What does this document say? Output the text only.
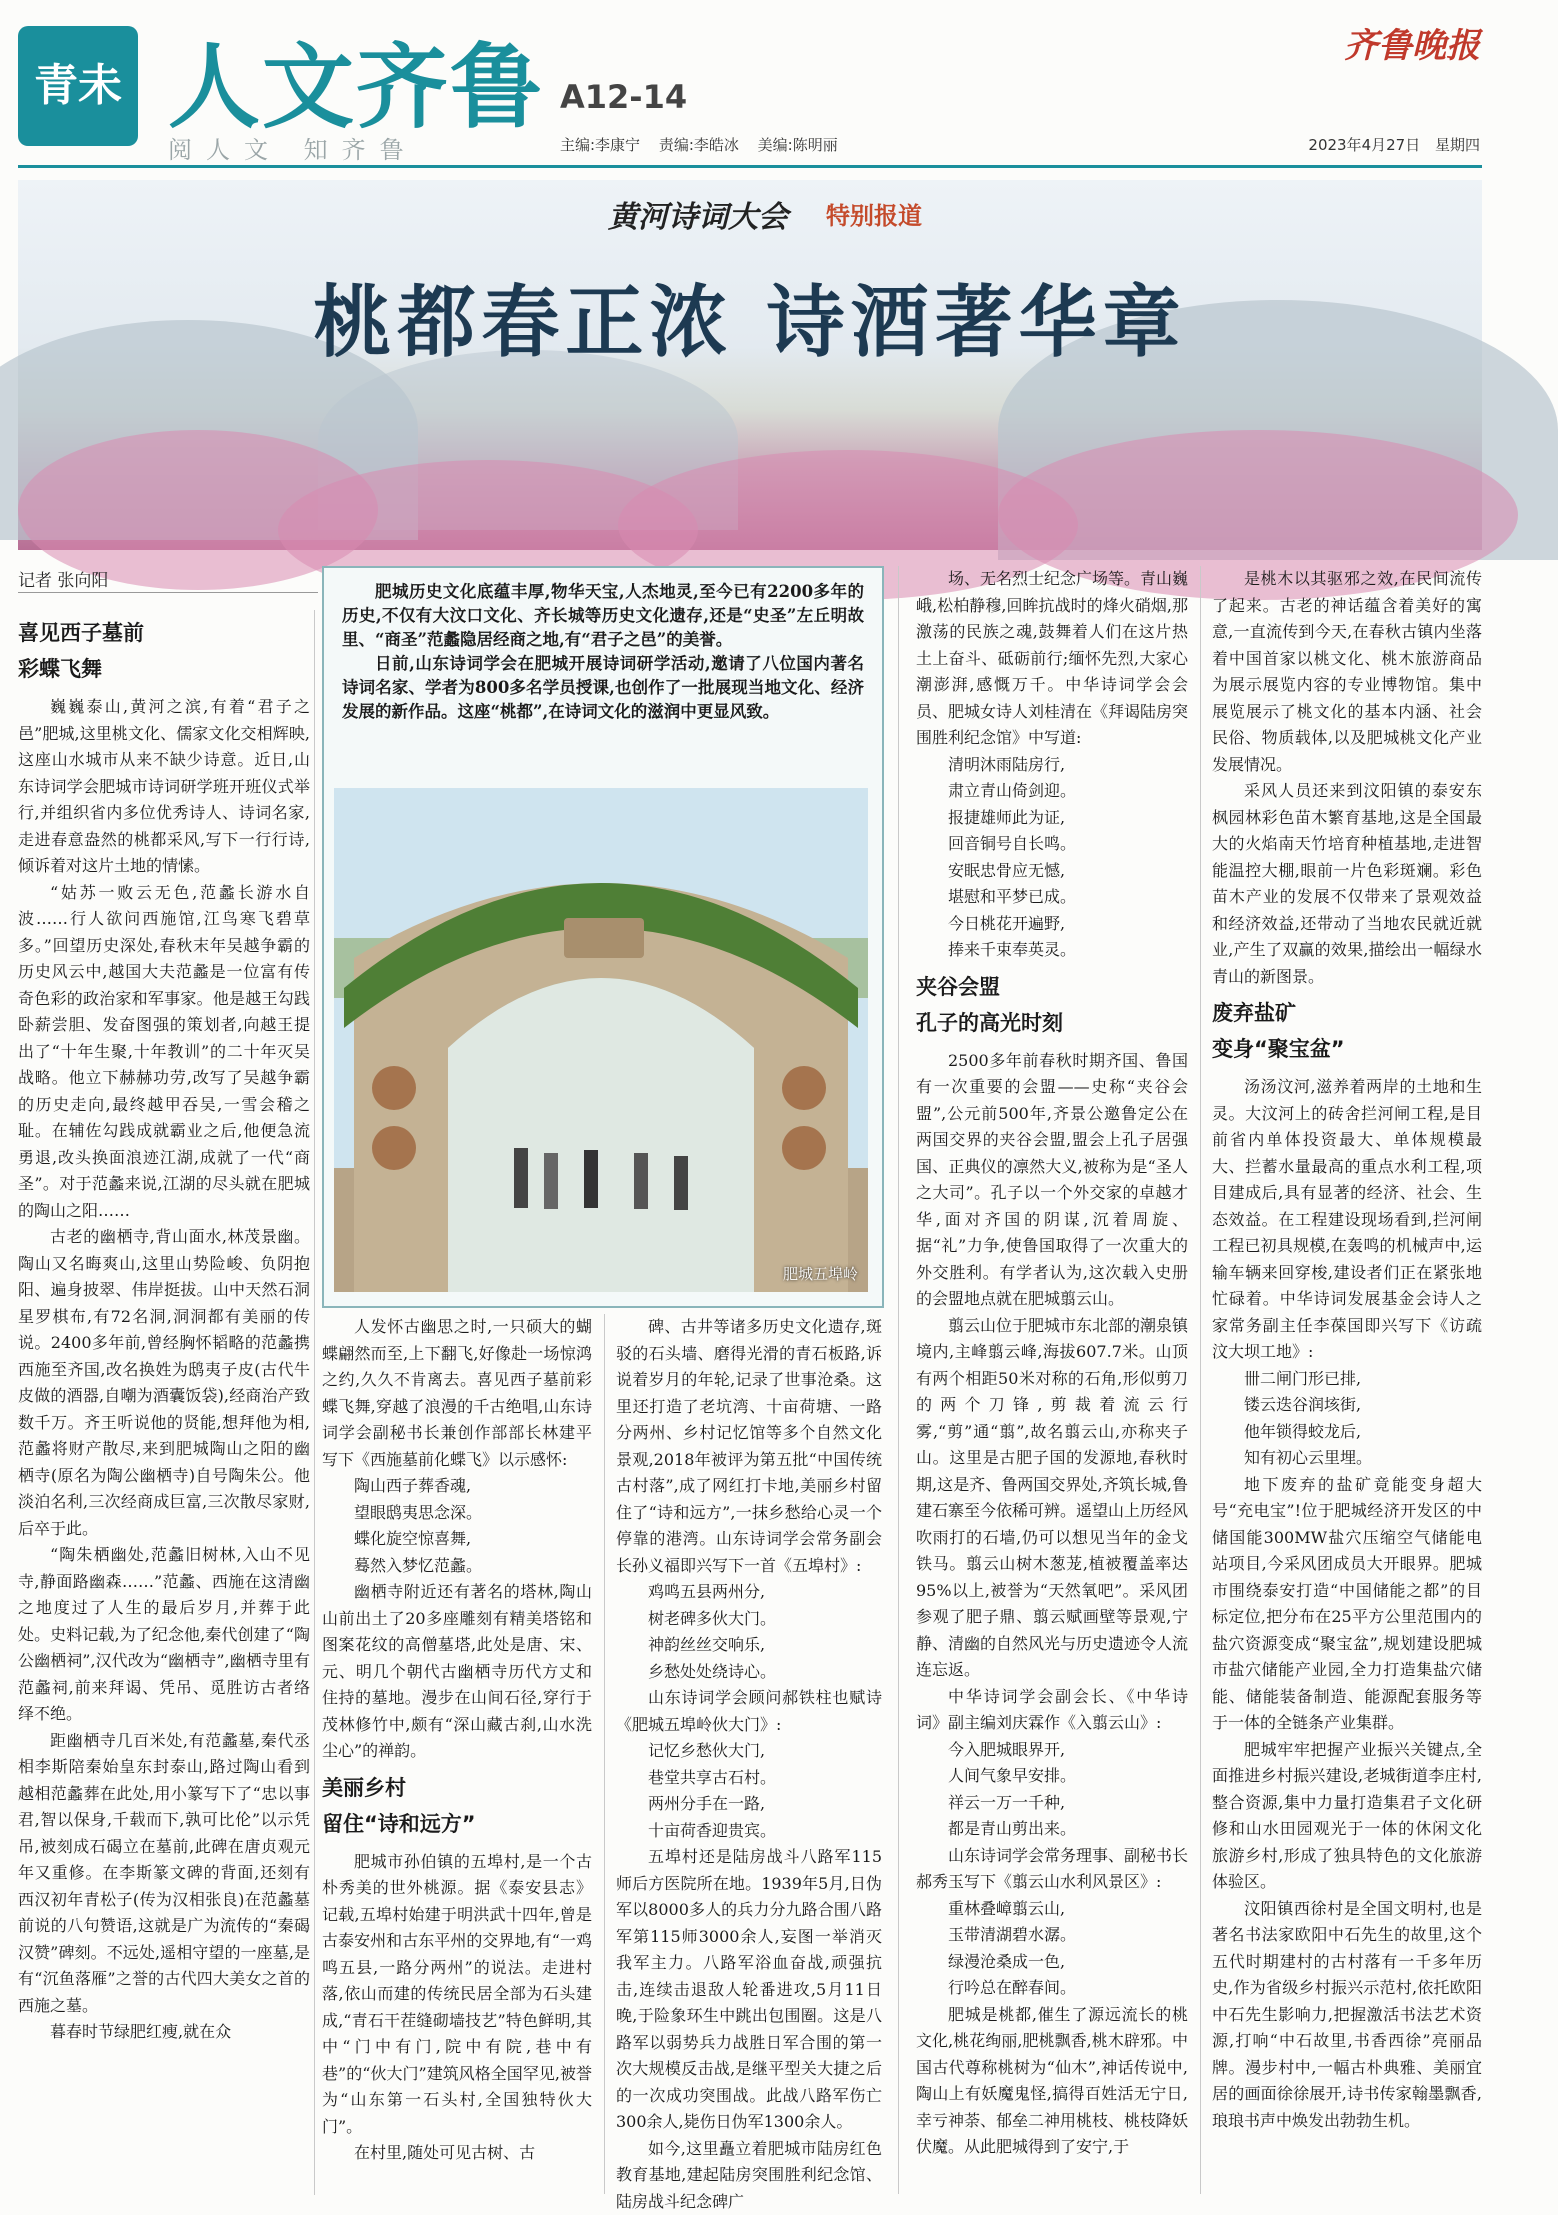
青未 人文齐鲁 A12-14
阅人文 知齐鲁	主编:李康宁 责编:李皓冰 美编:陈明丽
齐鲁晚报
2023年4月27日 星期四
黄河诗词大会 特别报道
桃都春正浓 诗酒著华章
记者 张向阳
喜见西子墓前
彩蝶飞舞

巍巍泰山,黄河之滨,有着“君子之邑”肥城,这里桃文化、儒家文化交相辉映,这座山水城市从来不缺少诗意。近日,山东诗词学会肥城市诗词研学班开班仪式举行,并组织省内多位优秀诗人、诗词名家,走进春意盎然的桃都采风,写下一行行诗,倾诉着对这片土地的情愫。

“姑苏一败云无色,范蠡长游水自波……行人欲问西施馆,江鸟寒飞碧草多。”回望历史深处,春秋末年吴越争霸的历史风云中,越国大夫范蠡是一位富有传奇色彩的政治家和军事家。他是越王勾践卧薪尝胆、发奋图强的策划者,向越王提出了“十年生聚,十年教训”的二十年灭吴战略。他立下赫赫功劳,改写了吴越争霸的历史走向,最终越甲吞吴,一雪会稽之耻。在辅佐勾践成就霸业之后,他便急流勇退,改头换面浪迹江湖,成就了一代“商圣”。对于范蠡来说,江湖的尽头就在肥城的陶山之阳……

古老的幽栖寺,背山面水,林茂景幽。陶山又名晦爽山,这里山势险峻、负阴抱阳、遍身披翠、伟岸挺拔。山中天然石洞星罗棋布,有72名洞,洞洞都有美丽的传说。2400多年前,曾经胸怀韬略的范蠡携西施至齐国,改名换姓为鸱夷子皮(古代牛皮做的酒器,自嘲为酒囊饭袋),经商治产致数千万。齐王听说他的贤能,想拜他为相,范蠡将财产散尽,来到肥城陶山之阳的幽栖寺(原名为陶公幽栖寺)自号陶朱公。他淡泊名利,三次经商成巨富,三次散尽家财,后卒于此。

“陶朱栖幽处,范蠡旧树林,入山不见寺,静面路幽森……”范蠡、西施在这清幽之地度过了人生的最后岁月,并葬于此处。史料记载,为了纪念他,秦代创建了“陶公幽栖祠”,汉代改为“幽栖寺”,幽栖寺里有范蠡祠,前来拜谒、凭吊、觅胜访古者络绎不绝。

距幽栖寺几百米处,有范蠡墓,秦代丞相李斯陪秦始皇东封泰山,路过陶山看到越相范蠡葬在此处,用小篆写下了“忠以事君,智以保身,千载而下,孰可比伦”以示凭吊,被刻成石碣立在墓前,此碑在唐贞观元年又重修。在李斯篆文碑的背面,还刻有西汉初年青松子(传为汉相张良)在范蠡墓前说的八句赞语,这就是广为流传的“秦碣汉赞”碑刻。不远处,遥相守望的一座墓,是有“沉鱼落雁”之誉的古代四大美女之首的西施之墓。

暮春时节绿肥红瘦,就在众

肥城历史文化底蕴丰厚,物华天宝,人杰地灵,至今已有2200多年的历史,不仅有大汶口文化、齐长城等历史文化遗存,还是“史圣”左丘明故里、“商圣”范蠡隐居经商之地,有“君子之邑”的美誉。

日前,山东诗词学会在肥城开展诗词研学活动,邀请了八位国内著名诗词名家、学者为800多名学员授课,也创作了一批展现当地文化、经济发展的新作品。这座“桃都”,在诗词文化的滋润中更显风致。

肥城五埠岭

人发怀古幽思之时,一只硕大的蝴蝶翩然而至,上下翻飞,好像赴一场惊鸿之约,久久不肯离去。喜见西子墓前彩蝶飞舞,穿越了浪漫的千古绝唱,山东诗词学会副秘书长兼创作部部长林建平写下《西施墓前化蝶飞》以示感怀:

陶山西子葬香魂,
望眼鸱夷思念深。
蝶化旋空惊喜舞,
蓦然入梦忆范蠡。

幽栖寺附近还有著名的塔林,陶山山前出土了20多座雕刻有精美塔铭和图案花纹的高僧墓塔,此处是唐、宋、元、明几个朝代古幽栖寺历代方丈和住持的墓地。漫步在山间石径,穿行于茂林修竹中,颇有“深山藏古刹,山水洗尘心”的禅韵。

美丽乡村
留住“诗和远方”

肥城市孙伯镇的五埠村,是一个古朴秀美的世外桃源。据《泰安县志》记载,五埠村始建于明洪武十四年,曾是古泰安州和古东平州的交界地,有“一鸡鸣五县,一路分两州”的说法。走进村落,依山而建的传统民居全部为石头建成,“青石干茬缝砌墙技艺”特色鲜明,其中“门中有门,院中有院,巷中有巷”的“伙大门”建筑风格全国罕见,被誉为“山东第一石头村,全国独特伙大门”。

在村里,随处可见古树、古

碑、古井等诸多历史文化遗存,斑驳的石头墙、磨得光滑的青石板路,诉说着岁月的年轮,记录了世事沧桑。这里还打造了老坑湾、十亩荷塘、一路分两州、乡村记忆馆等多个自然文化景观,2018年被评为第五批“中国传统古村落”,成了网红打卡地,美丽乡村留住了“诗和远方”,一抹乡愁给心灵一个停靠的港湾。山东诗词学会常务副会长孙义福即兴写下一首《五埠村》:

鸡鸣五县两州分,
树老碑多伙大门。
神韵丝丝交响乐,
乡愁处处绕诗心。

山东诗词学会顾问郝铁柱也赋诗《肥城五埠岭伙大门》:

记忆乡愁伙大门,
巷堂共享古石村。
两州分手在一路,
十亩荷香迎贵宾。

五埠村还是陆房战斗八路军115师后方医院所在地。1939年5月,日伪军以8000多人的兵力分九路合围八路军第115师3000余人,妄图一举消灭我军主力。八路军浴血奋战,顽强抗击,连续击退敌人轮番进攻,5月11日晚,于险象环生中跳出包围圈。这是八路军以弱势兵力战胜日军合围的第一次大规模反击战,是继平型关大捷之后的一次成功突围战。此战八路军伤亡300余人,毙伤日伪军1300余人。

如今,这里矗立着肥城市陆房红色教育基地,建起陆房突围胜利纪念馆、陆房战斗纪念碑广

场、无名烈士纪念广场等。青山巍峨,松柏静穆,回眸抗战时的烽火硝烟,那激荡的民族之魂,鼓舞着人们在这片热土上奋斗、砥砺前行;缅怀先烈,大家心潮澎湃,感慨万千。中华诗词学会会员、肥城女诗人刘桂清在《拜谒陆房突围胜利纪念馆》中写道:

清明沐雨陆房行,
肃立青山倚剑迎。
报捷雄师此为证,
回音铜号自长鸣。
安眠忠骨应无憾,
堪慰和平梦已成。
今日桃花开遍野,
捧来千束奉英灵。
夹谷会盟
孔子的高光时刻

2500多年前春秋时期齐国、鲁国有一次重要的会盟——史称“夹谷会盟”,公元前500年,齐景公邀鲁定公在两国交界的夹谷会盟,盟会上孔子居强国、正典仪的凛然大义,被称为是“圣人之大司”。孔子以一个外交家的卓越才华,面对齐国的阴谋,沉着周旋、据“礼”力争,使鲁国取得了一次重大的外交胜利。有学者认为,这次载入史册的会盟地点就在肥城翦云山。

翦云山位于肥城市东北部的潮泉镇境内,主峰翦云峰,海拔607.7米。山顶有两个相距50米对称的石角,形似剪刀的两个刀锋,剪裁着流云行雾,“剪”通“翦”,故名翦云山,亦称夹子山。这里是古肥子国的发源地,春秋时期,这是齐、鲁两国交界处,齐筑长城,鲁建石寨至今依稀可辨。遥望山上历经风吹雨打的石墙,仍可以想见当年的金戈铁马。翦云山树木葱茏,植被覆盖率达95%以上,被誉为“天然氧吧”。采风团参观了肥子鼎、翦云赋画壁等景观,宁静、清幽的自然风光与历史遗迹令人流连忘返。

中华诗词学会副会长、《中华诗词》副主编刘庆霖作《入翦云山》:

今入肥城眼界开,
人间气象早安排。
祥云一万一千种,
都是青山剪出来。

山东诗词学会常务理事、副秘书长郝秀玉写下《翦云山水利风景区》:

重林叠嶂翦云山,
玉带清湖碧水潺。
绿漫沧桑成一色,
行吟总在醉春间。

肥城是桃都,催生了源远流长的桃文化,桃花绚丽,肥桃飘香,桃木辟邪。中国古代尊称桃树为“仙木”,神话传说中,陶山上有妖魔鬼怪,搞得百姓活无宁日,幸亏神荼、郁垒二神用桃枝、桃枝降妖伏魔。从此肥城得到了安宁,于

是桃木以其驱邪之效,在民间流传了起来。古老的神话蕴含着美好的寓意,一直流传到今天,在春秋古镇内坐落着中国首家以桃文化、桃木旅游商品为展示展览内容的专业博物馆。集中展览展示了桃文化的基本内涵、社会民俗、物质载体,以及肥城桃文化产业发展情况。

采风人员还来到汶阳镇的泰安东枫园林彩色苗木繁育基地,这是全国最大的火焰南天竹培育种植基地,走进智能温控大棚,眼前一片色彩斑斓。彩色苗木产业的发展不仅带来了景观效益和经济效益,还带动了当地农民就近就业,产生了双赢的效果,描绘出一幅绿水青山的新图景。

废弃盐矿
变身“聚宝盆”

汤汤汶河,滋养着两岸的土地和生灵。大汶河上的砖舍拦河闸工程,是目前省内单体投资最大、单体规模最大、拦蓄水量最高的重点水利工程,项目建成后,具有显著的经济、社会、生态效益。在工程建设现场看到,拦河闸工程已初具规模,在轰鸣的机械声中,运输车辆来回穿梭,建设者们正在紧张地忙碌着。中华诗词发展基金会诗人之家常务副主任李葆国即兴写下《访疏汶大坝工地》:

卌二闸门形已排,
镂云迭谷润垓街,
他年锁得蛟龙后,
知有初心云里埋。

地下废弃的盐矿竟能变身超大号“充电宝”!位于肥城经济开发区的中储国能300MW盐穴压缩空气储能电站项目,今采风团成员大开眼界。肥城市围绕泰安打造“中国储能之都”的目标定位,把分布在25平方公里范围内的盐穴资源变成“聚宝盆”,规划建设肥城市盐穴储能产业园,全力打造集盐穴储能、储能装备制造、能源配套服务等于一体的全链条产业集群。

肥城牢牢把握产业振兴关键点,全面推进乡村振兴建设,老城街道李庄村,整合资源,集中力量打造集君子文化研修和山水田园观光于一体的休闲文化旅游乡村,形成了独具特色的文化旅游体验区。

汶阳镇西徐村是全国文明村,也是著名书法家欧阳中石先生的故里,这个五代时期建村的古村落有一千多年历史,作为省级乡村振兴示范村,依托欧阳中石先生影响力,把握激活书法艺术资源,打响“中石故里,书香西徐”亮丽品牌。漫步村中,一幅古朴典雅、美丽宜居的画面徐徐展开,诗书传家翰墨飘香,琅琅书声中焕发出勃勃生机。
